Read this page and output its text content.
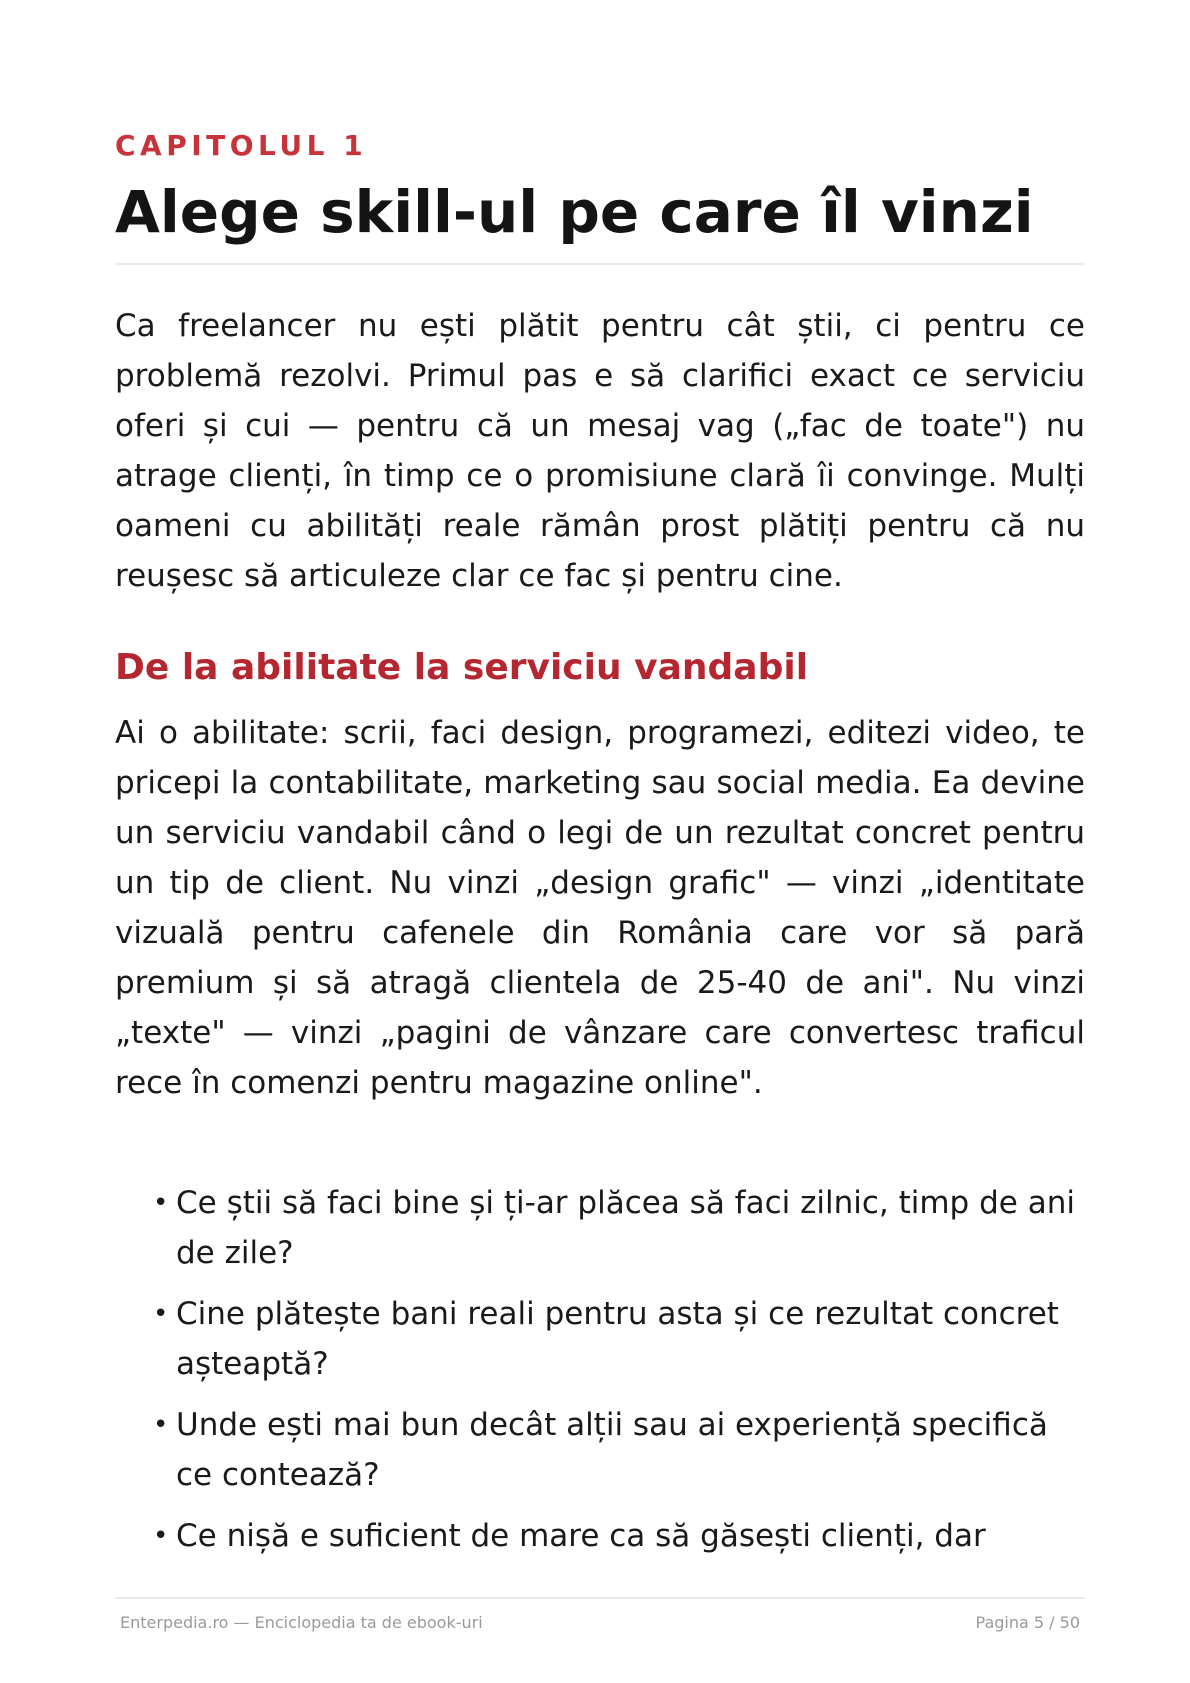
CAPITOLUL 1
Alege skill-ul pe care îl vinzi

Ca freelancer nu ești plătit pentru cât știi, ci pentru ce problemă rezolvi. Primul pas e să clarifici exact ce serviciu oferi și cui — pentru că un mesaj vag („fac de toate") nu atrage clienți, în timp ce o promisiune clară îi convinge. Mulți oameni cu abilități reale rămân prost plătiți pentru că nu reușesc să articuleze clar ce fac și pentru cine.

De la abilitate la serviciu vandabil

Ai o abilitate: scrii, faci design, programezi, editezi video, te pricepi la contabilitate, marketing sau social media. Ea devine un serviciu vandabil când o legi de un rezultat concret pentru un tip de client. Nu vinzi „design grafic" — vinzi „identitate vizuală pentru cafenele din România care vor să pară premium și să atragă clientela de 25-40 de ani". Nu vinzi „texte" — vinzi „pagini de vânzare care convertesc traficul rece în comenzi pentru magazine online".

• Ce știi să faci bine și ți-ar plăcea să faci zilnic, timp de ani de zile?
• Cine plătește bani reali pentru asta și ce rezultat concret așteaptă?
• Unde ești mai bun decât alții sau ai experiență specifică ce contează?
• Ce nișă e suficient de mare ca să găsești clienți, dar
Enterpedia.ro — Enciclopedia ta de ebook-uri	Pagina 5 / 50
